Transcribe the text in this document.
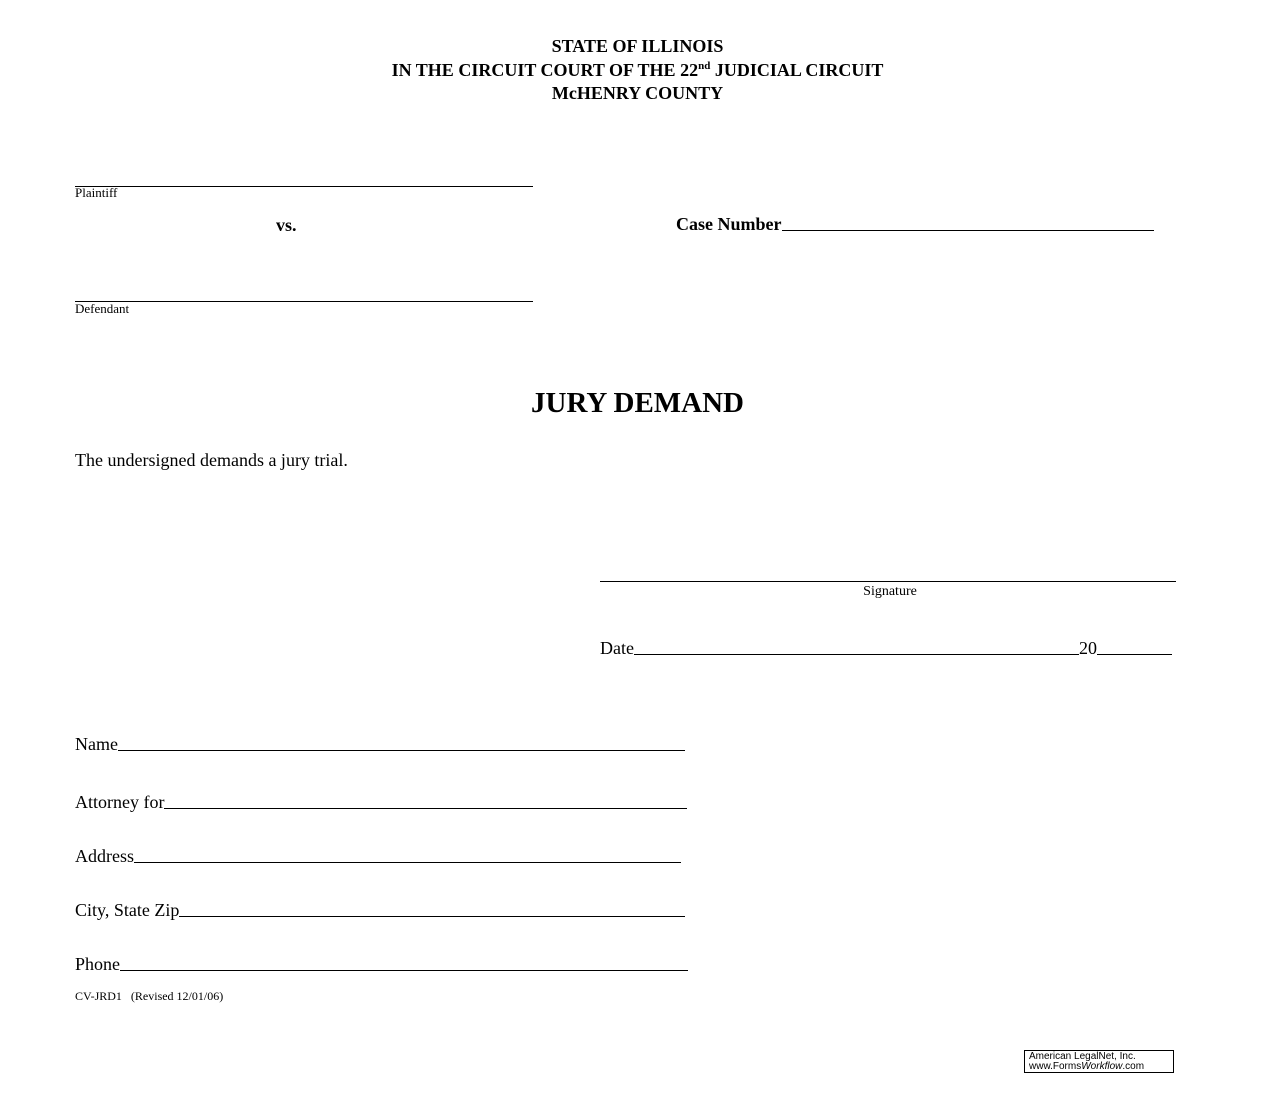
STATE OF ILLINOIS
IN THE CIRCUIT COURT OF THE 22nd JUDICIAL CIRCUIT
McHENRY COUNTY
Plaintiff
vs.	Case Number
Defendant
JURY DEMAND
The undersigned demands a jury trial.
Signature
Date	20
Name
Attorney for
Address
City, State Zip
Phone
CV-JRD1   (Revised 12/01/06)
American LegalNet, Inc.
www.FormsWorkflow.com
